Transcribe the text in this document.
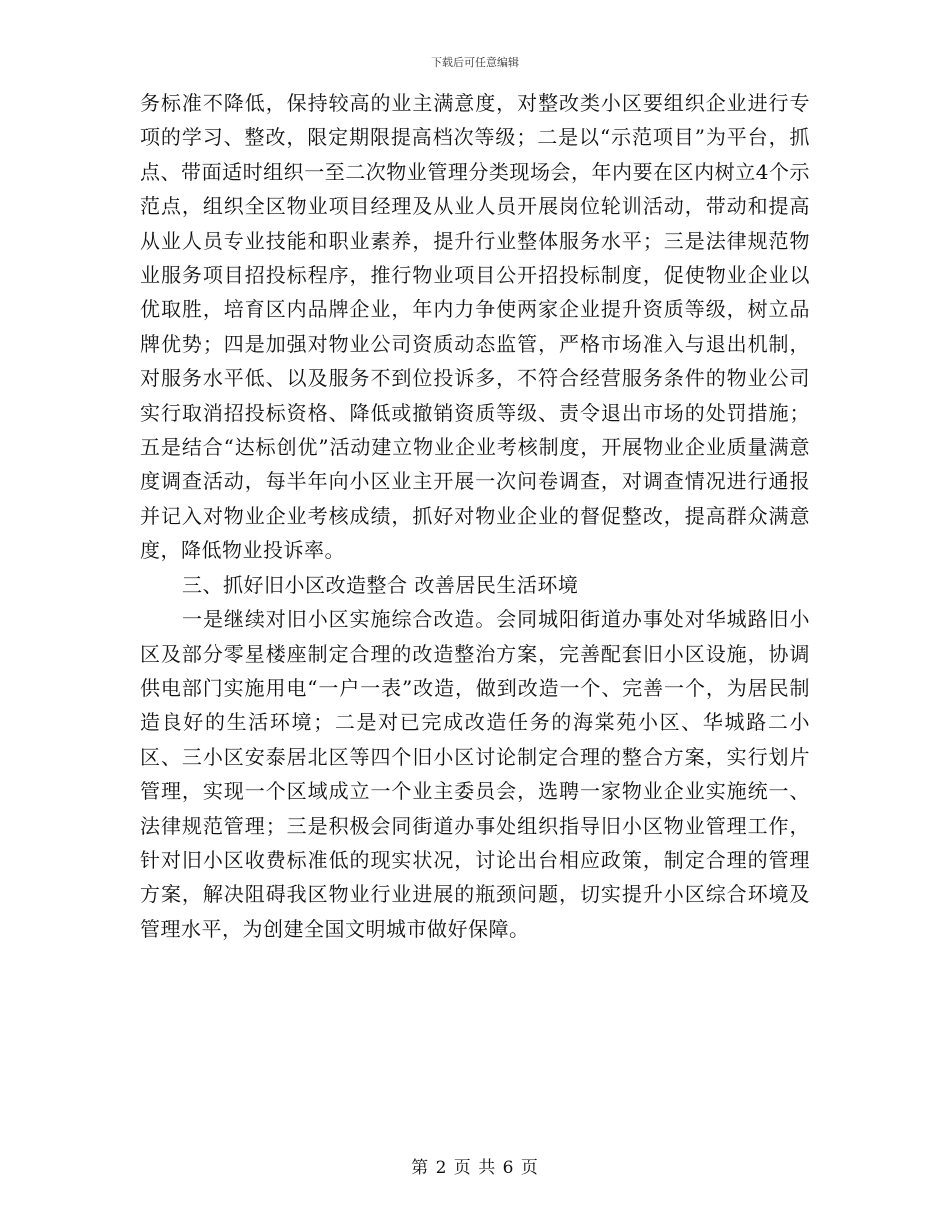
下载后可任意编辑

务标准不降低，保持较高的业主满意度，对整改类小区要组织企业进行专项的学习、整改，限定期限提高档次等级；二是以“示范项目”为平台，抓点、带面适时组织一至二次物业管理分类现场会，年内要在区内树立4个示范点，组织全区物业项目经理及从业人员开展岗位轮训活动，带动和提高从业人员专业技能和职业素养，提升行业整体服务水平；三是法律规范物业服务项目招投标程序，推行物业项目公开招投标制度，促使物业企业以优取胜，培育区内品牌企业，年内力争使两家企业提升资质等级，树立品牌优势；四是加强对物业公司资质动态监管，严格市场准入与退出机制，对服务水平低、以及服务不到位投诉多，不符合经营服务条件的物业公司实行取消招投标资格、降低或撤销资质等级、责令退出市场的处罚措施；五是结合“达标创优”活动建立物业企业考核制度，开展物业企业质量满意度调查活动，每半年向小区业主开展一次问卷调查，对调查情况进行通报并记入对物业企业考核成绩，抓好对物业企业的督促整改，提高群众满意度，降低物业投诉率。

三、抓好旧小区改造整合 改善居民生活环境

一是继续对旧小区实施综合改造。会同城阳街道办事处对华城路旧小区及部分零星楼座制定合理的改造整治方案，完善配套旧小区设施，协调供电部门实施用电“一户一表”改造，做到改造一个、完善一个，为居民制造良好的生活环境；二是对已完成改造任务的海棠苑小区、华城路二小区、三小区安泰居北区等四个旧小区讨论制定合理的整合方案，实行划片管理，实现一个区域成立一个业主委员会，选聘一家物业企业实施统一、法律规范管理；三是积极会同街道办事处组织指导旧小区物业管理工作，针对旧小区收费标准低的现实状况，讨论出台相应政策，制定合理的管理方案，解决阻碍我区物业行业进展的瓶颈问题，切实提升小区综合环境及管理水平，为创建全国文明城市做好保障。

第 2 页 共 6 页
